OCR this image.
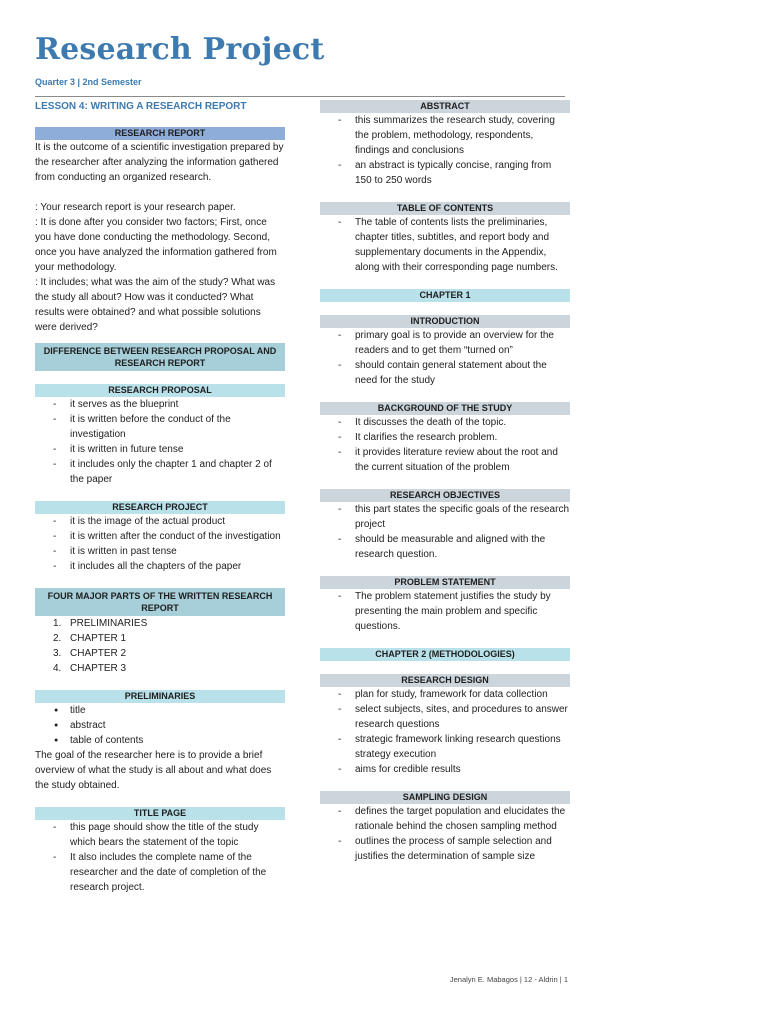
Research Project
Quarter 3 | 2nd Semester
LESSON 4: WRITING A RESEARCH REPORT
RESEARCH REPORT

It is the outcome of a scientific investigation prepared by the researcher after analyzing the information gathered from conducting an organized research.

: Your research report is your research paper.

: It is done after you consider two factors; First, once you have done conducting the methodology. Second, once you have analyzed the information gathered from your methodology.

: It includes; what was the aim of the study? What was the study all about? How was it conducted? What results were obtained? and what possible solutions were derived?

DIFFERENCE BETWEEN RESEARCH PROPOSAL AND RESEARCH REPORT
RESEARCH PROPOSAL
- it serves as the blueprint
- it is written before the conduct of the investigation
- it is written in future tense
- it includes only the chapter 1 and chapter 2 of the paper
RESEARCH PROJECT
- it is the image of the actual product
- it is written after the conduct of the investigation
- it is written in past tense
- it includes all the chapters of the paper
FOUR MAJOR PARTS OF THE WRITTEN RESEARCH REPORT
1. PRELIMINARIES
2. CHAPTER 1
3. CHAPTER 2
4. CHAPTER 3
PRELIMINARIES
● title
● abstract
● table of contents

The goal of the researcher here is to provide a brief overview of what the study is all about and what does the study obtained.

TITLE PAGE
- this page should show the title of the study which bears the statement of the topic
- It also includes the complete name of the researcher and the date of completion of the research project.
ABSTRACT
- this summarizes the research study, covering the problem, methodology, respondents, findings and conclusions
- an abstract is typically concise, ranging from 150 to 250 words
TABLE OF CONTENTS
- The table of contents lists the preliminaries, chapter titles, subtitles, and report body and supplementary documents in the Appendix, along with their corresponding page numbers.
CHAPTER 1
INTRODUCTION
- primary goal is to provide an overview for the readers and to get them “turned on”
- should contain general statement about the need for the study
BACKGROUND OF THE STUDY
- It discusses the death of the topic.
- It clarifies the research problem.
- it provides literature review about the root and the current situation of the problem
RESEARCH OBJECTIVES
- this part states the specific goals of the research project
- should be measurable and aligned with the research question.
PROBLEM STATEMENT
- The problem statement justifies the study by presenting the main problem and specific questions.
CHAPTER 2 (METHODOLOGIES)
RESEARCH DESIGN
- plan for study, framework for data collection
- select subjects, sites, and procedures to answer research questions
- strategic framework linking research questions strategy execution
- aims for credible results
SAMPLING DESIGN
- defines the target population and elucidates the rationale behind the chosen sampling method
- outlines the process of sample selection and justifies the determination of sample size
Jenalyn E. Mabagos | 12 - Aldrin | 1
